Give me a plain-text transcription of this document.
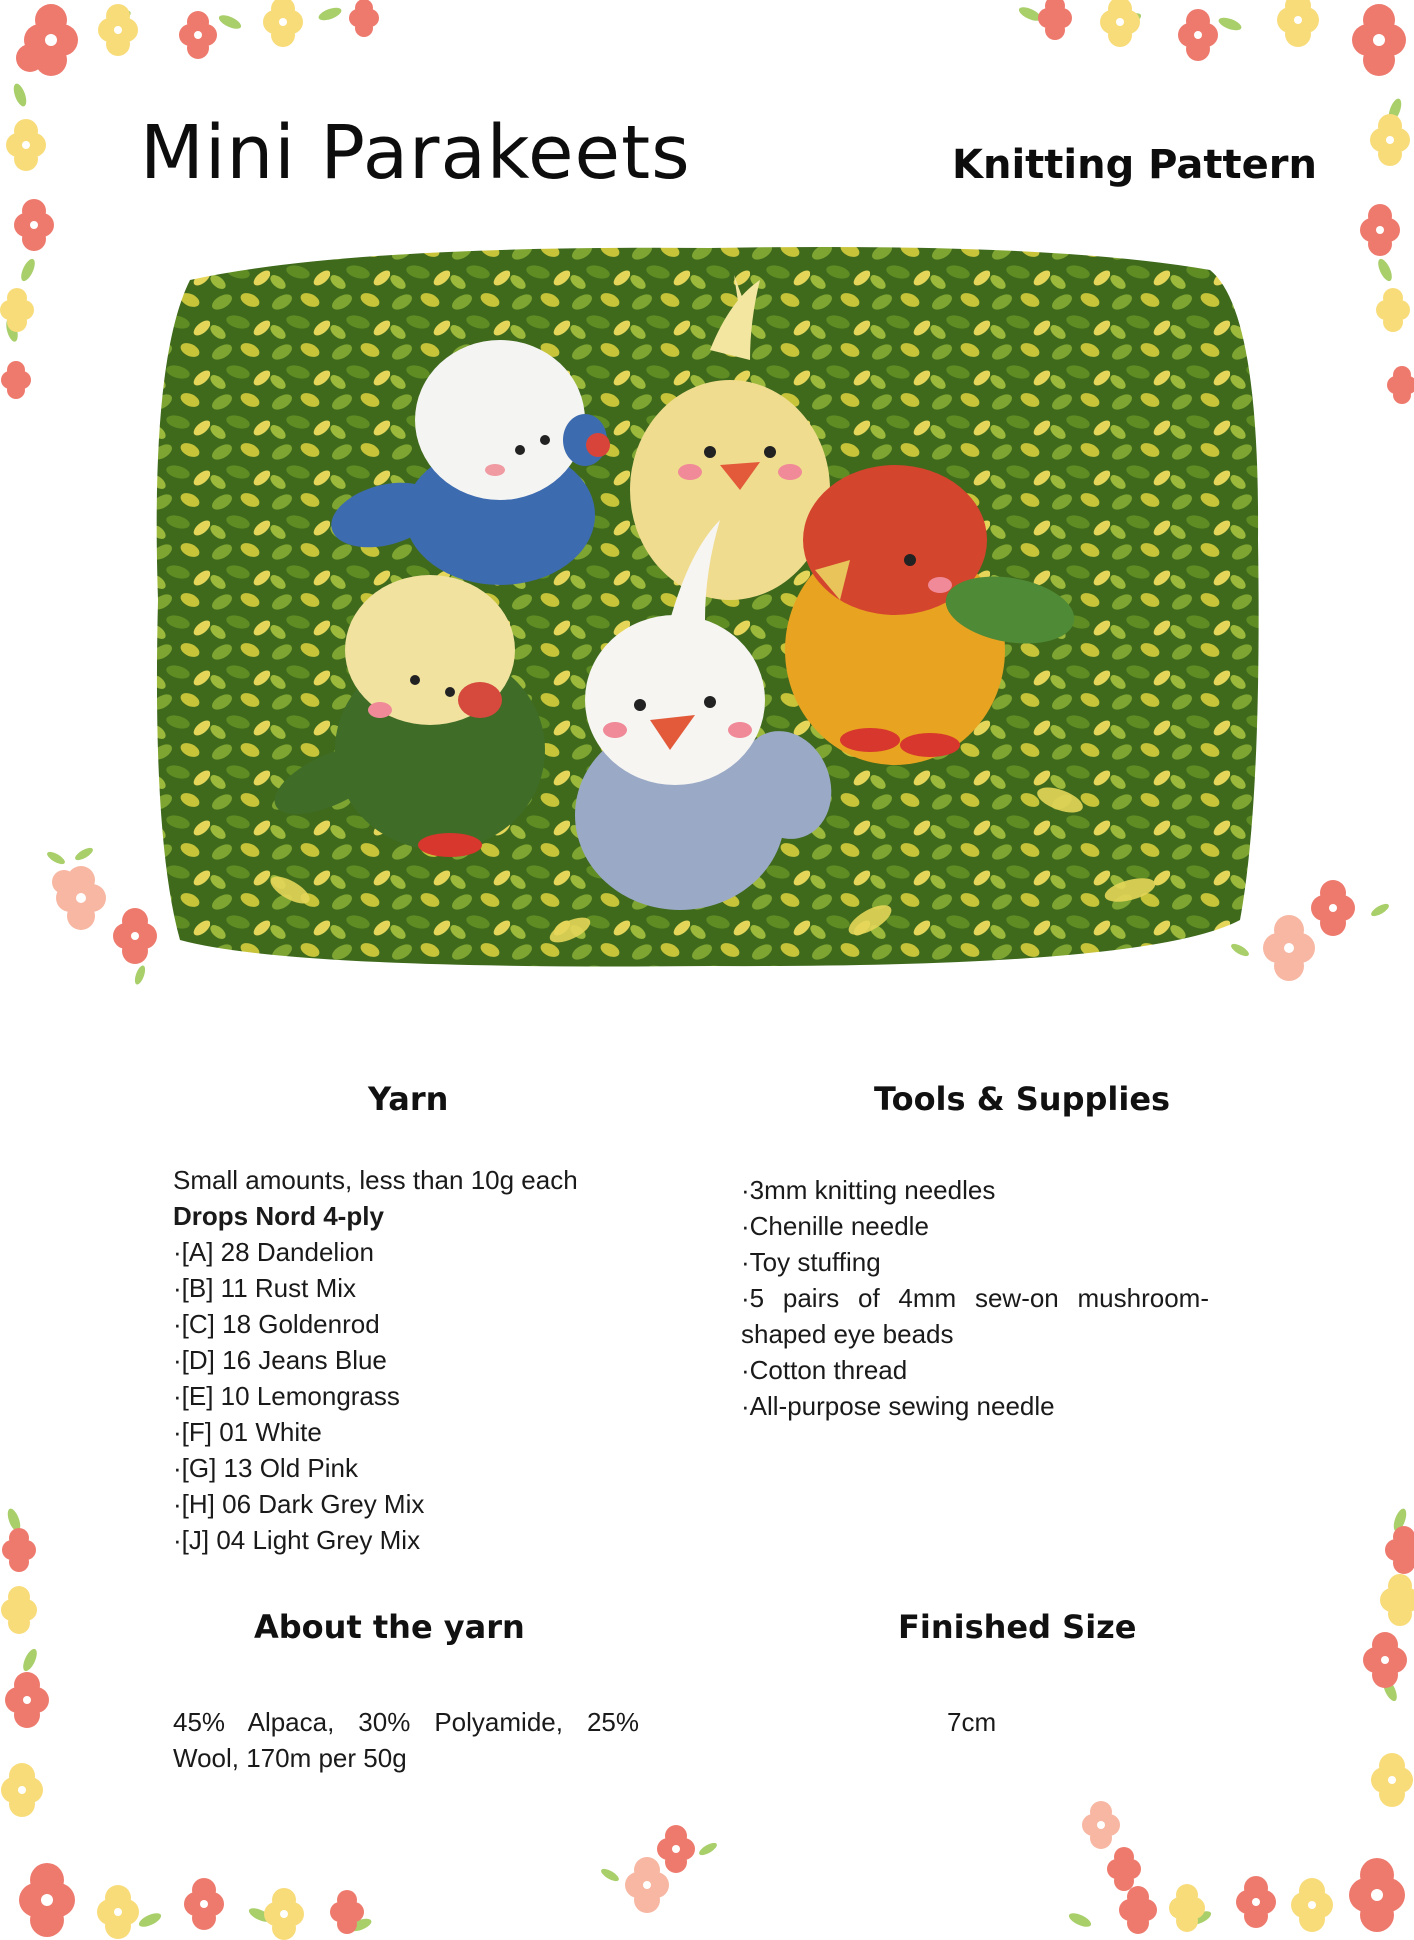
Mini Parakeets	Knitting Pattern
Yarn	Tools & Supplies
Small amounts, less than 10g each
Drops Nord 4-ply
·[A] 28 Dandelion
·[B] 11 Rust Mix
·[C] 18 Goldenrod
·[D] 16 Jeans Blue
·[E] 10 Lemongrass
·[F] 01 White
·[G] 13 Old Pink
·[H] 06 Dark Grey Mix
·[J] 04 Light Grey Mix
·3mm knitting needles
·Chenille needle
·Toy stuffing
·5 pairs of 4mm sew-on mushroom-shaped eye beads
·Cotton thread
·All-purpose sewing needle
About the yarn	Finished Size
45% Alpaca, 30% Polyamide, 25% Wool, 170m per 50g
7cm
